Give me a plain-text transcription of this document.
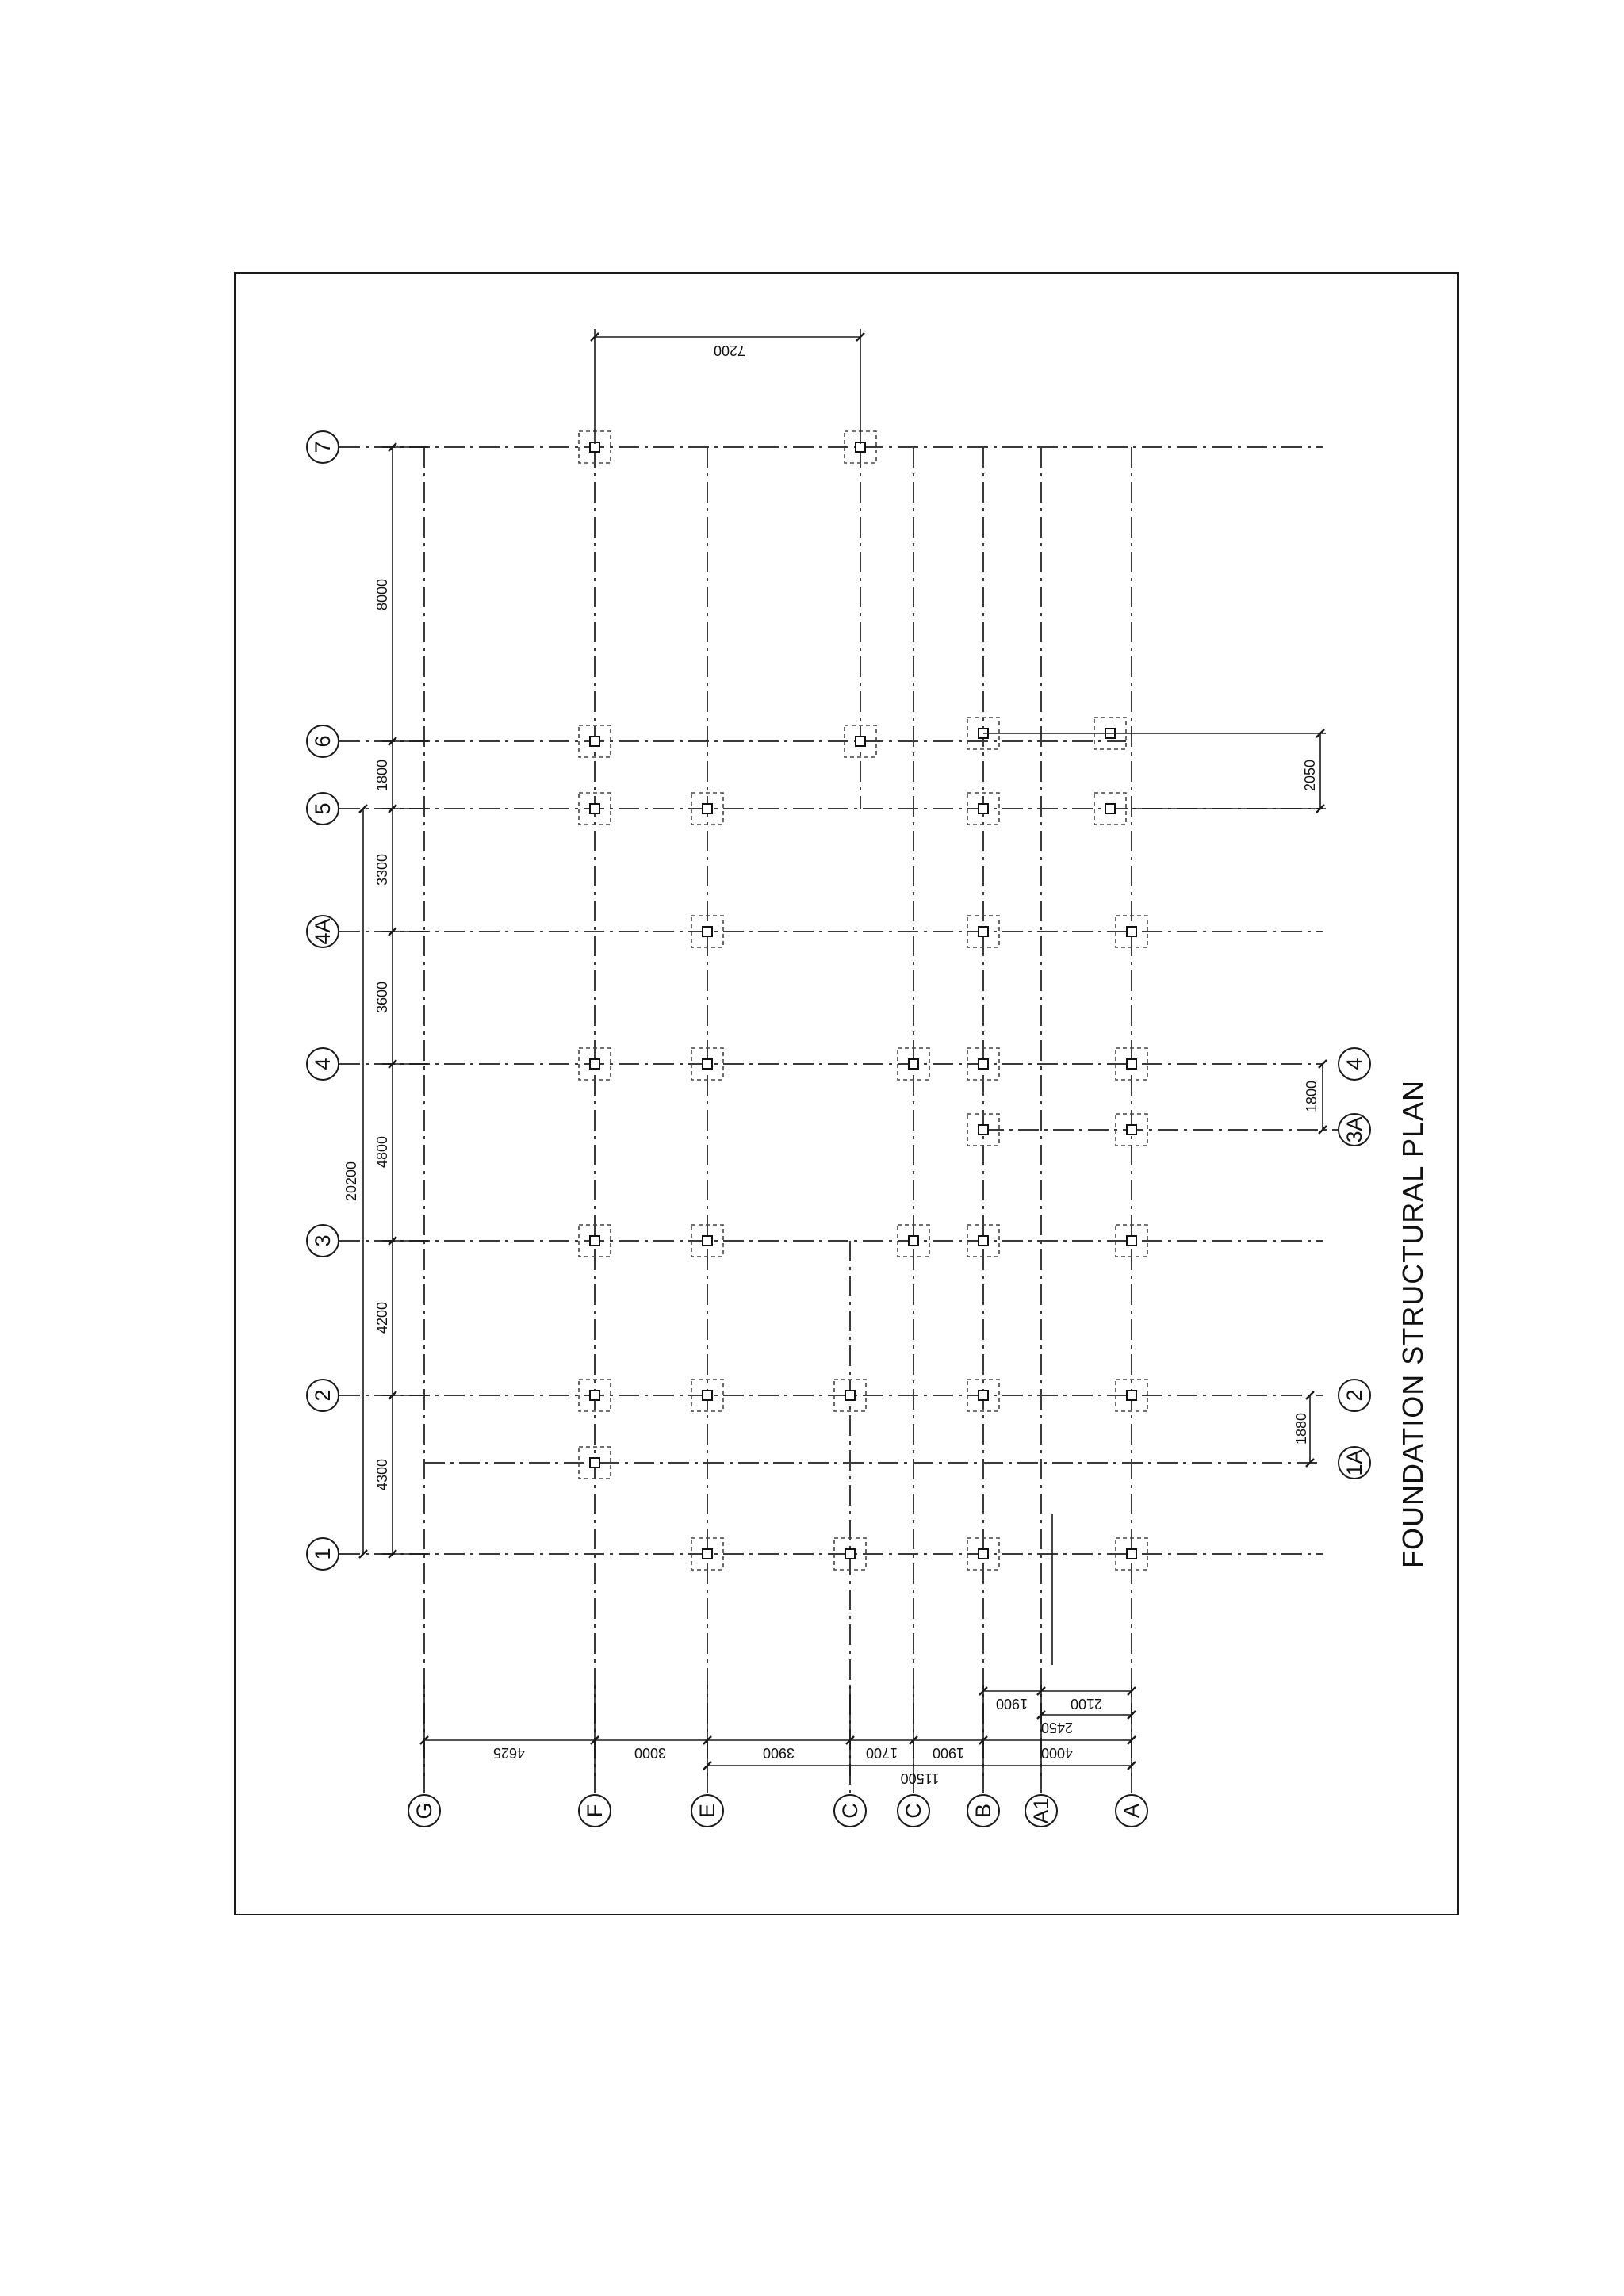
1
2
3
4
4A
5
6
7
1A
2
3A
4
G	F	E	C C B A1	A
4300
4200
4800
3600
3300
1800
8000
20200
7200
4625	3000	3900	1700 1900
1900	2100
2450
4000
11500
1880
1800
2050
FOUNDATION STRUCTURAL PLAN
